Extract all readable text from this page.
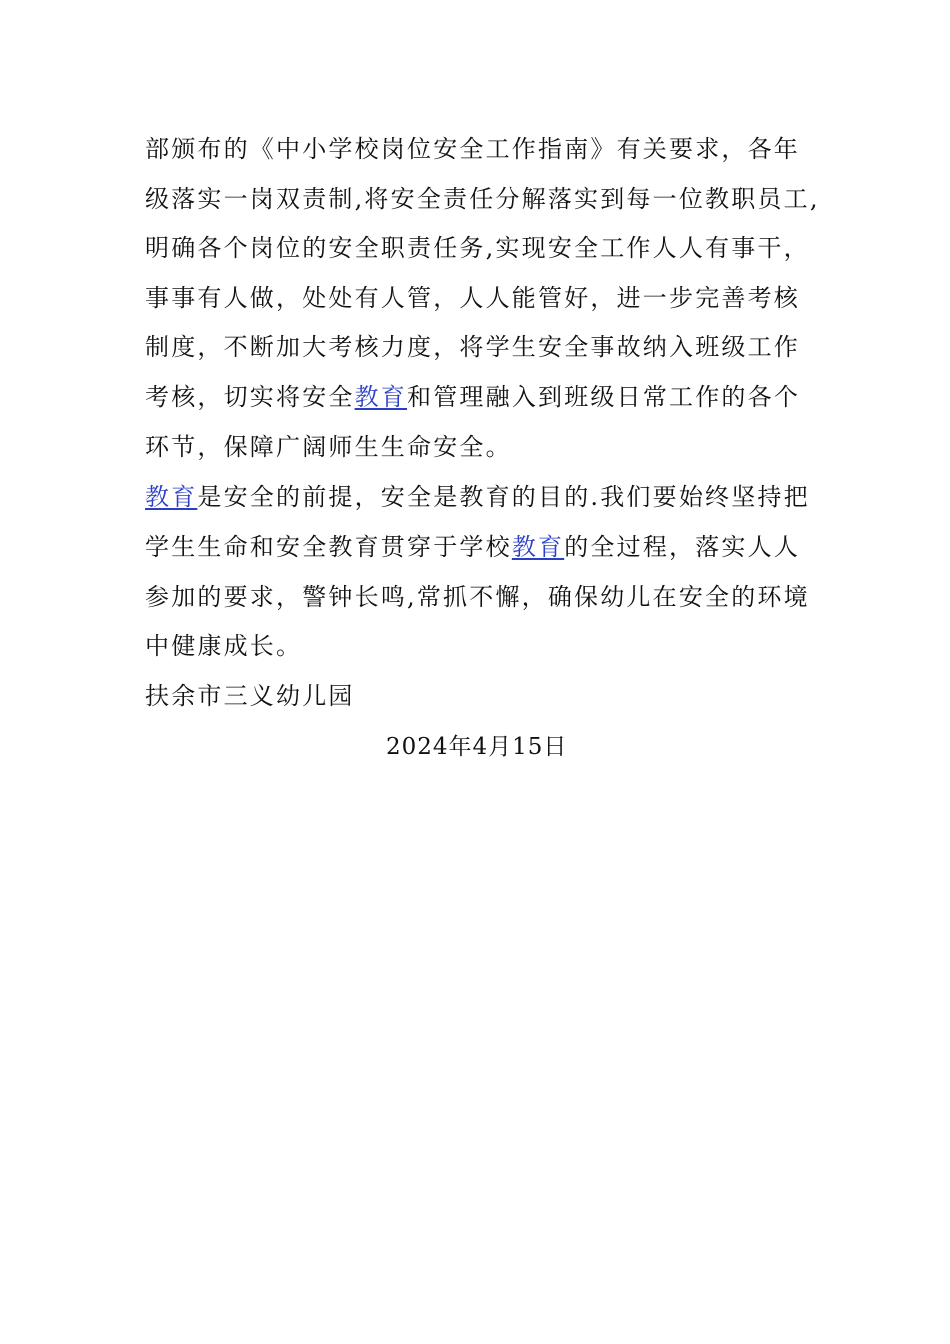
部颁布的《中小学校岗位安全工作指南》有关要求，各年
级落实一岗双责制,将安全责任分解落实到每一位教职员工,
明确各个岗位的安全职责任务,实现安全工作人人有事干，
事事有人做，处处有人管，人人能管好，进一步完善考核
制度，不断加大考核力度，将学生安全事故纳入班级工作
考核，切实将安全教育和管理融入到班级日常工作的各个
环节，保障广阔师生生命安全。
教育是安全的前提，安全是教育的目的.我们要始终坚持把
学生生命和安全教育贯穿于学校教育的全过程，落实人人
参加的要求，警钟长鸣,常抓不懈，确保幼儿在安全的环境
中健康成长。
扶余市三义幼儿园
2024年4月15日
